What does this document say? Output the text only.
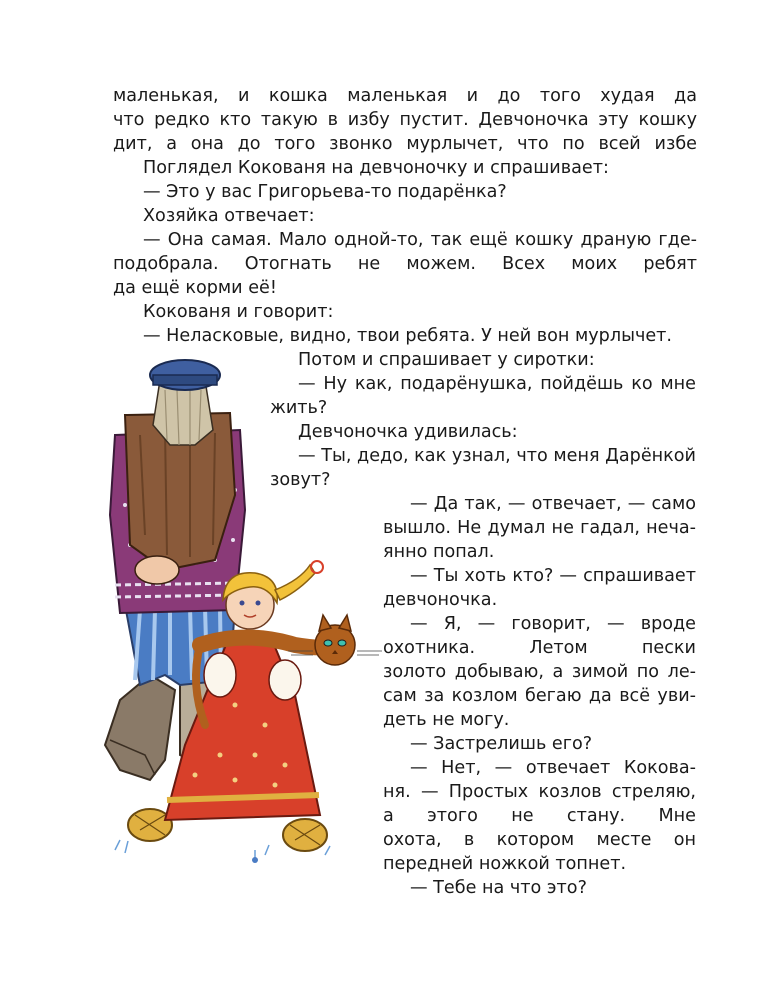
маленькая, и кошка маленькая и до того худая да

что редко кто такую в избу пустит. Девчоночка эту кошку

дит, а она до того звонко мурлычет, что по всей избе

Поглядел Кокованя на девчоночку и спрашивает:

— Это у вас Григорьева-то подарёнка?

Хозяйка отвечает:

— Она самая. Мало одной-то, так ещё кошку драную где-

подобрала. Отогнать не можем. Всех моих ребят

да ещё корми её!

Кокованя и говорит:

— Неласковые, видно, твои ребята. У ней вон мурлычет.

Потом и спрашивает у сиротки:

— Ну как, подарёнушка, пойдёшь ко мне

жить?

Девчоночка удивилась:

— Ты, дедо, как узнал, что меня Дарёнкой

зовут?

— Да так, — отвечает, — само

вышло. Не думал не гадал, неча-

янно попал.

— Ты хоть кто? — спрашивает

девчоночка.

— Я, — говорит, — вроде

охотника. Летом пески

золото добываю, а зимой по ле-

сам за козлом бегаю да всё уви-

деть не могу.

— Застрелишь его?

— Нет, — отвечает Кокова-

ня. — Простых козлов стреляю,

а этого не стану. Мне

охота, в котором месте он

передней ножкой топнет.

— Тебе на что это?
